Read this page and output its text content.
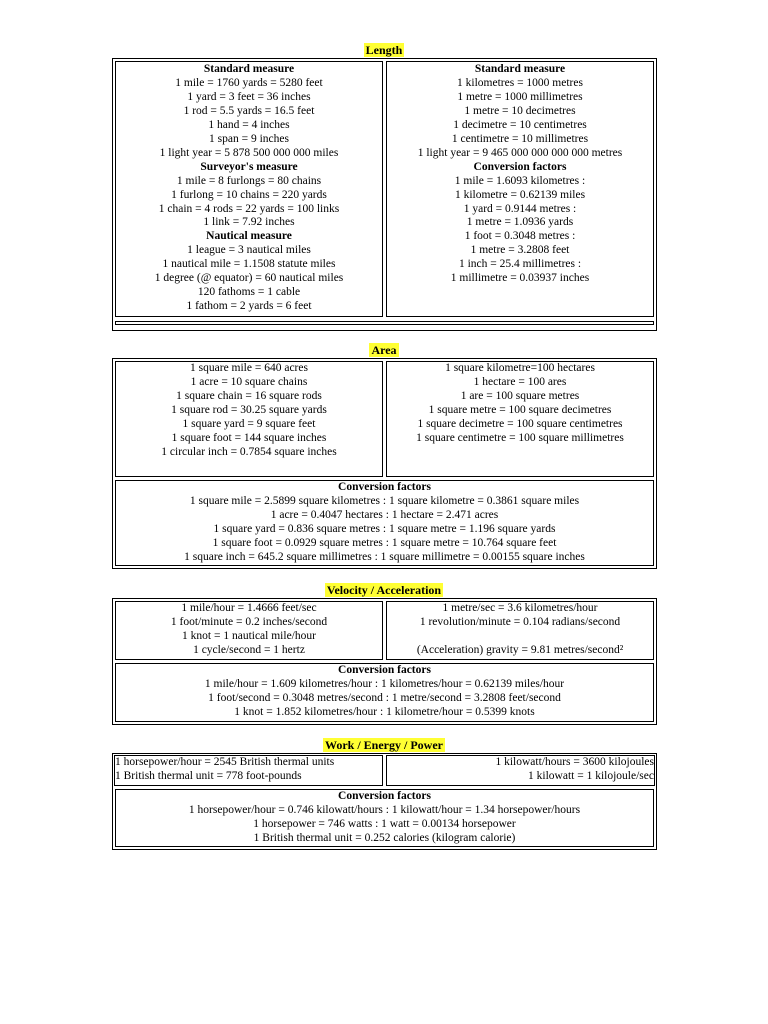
Length
Standard measure
1 mile = 1760 yards = 5280 feet
1 yard = 3 feet = 36 inches
1 rod = 5.5 yards = 16.5 feet
1 hand = 4 inches
1 span = 9 inches
1 light year = 5 878 500 000 000 miles
Surveyor's measure
1 mile = 8 furlongs = 80 chains
1 furlong = 10 chains = 220 yards
1 chain = 4 rods = 22 yards = 100 links
1 link = 7.92 inches
Nautical measure
1 league = 3 nautical miles
1 nautical mile = 1.1508 statute miles
1 degree (@ equator) = 60 nautical miles
120 fathoms = 1 cable
1 fathom = 2 yards = 6 feet
Standard measure
1 kilometres = 1000 metres
1 metre = 1000 millimetres
1 metre = 10 decimetres
1 decimetre = 10 centimetres
1 centimetre = 10 millimetres
1 light year = 9 465 000 000 000 000 metres
Conversion factors
1 mile = 1.6093 kilometres :
1 kilometre = 0.62139 miles
1 yard = 0.9144 metres :
1 metre = 1.0936 yards
1 foot = 0.3048 metres :
1 metre = 3.2808 feet
1 inch = 25.4 millimetres :
1 millimetre = 0.03937 inches
Area
1 square mile = 640 acres
1 acre = 10 square chains
1 square chain = 16 square rods
1 square rod = 30.25 square yards
1 square yard = 9 square feet
1 square foot = 144 square inches
1 circular inch = 0.7854 square inches
1 square kilometre=100 hectares
1 hectare = 100 ares
1 are = 100 square metres
1 square metre = 100 square decimetres
1 square decimetre = 100 square centimetres
1 square centimetre = 100 square millimetres
Conversion factors
1 square mile = 2.5899 square kilometres : 1 square kilometre = 0.3861 square miles
1 acre = 0.4047 hectares : 1 hectare = 2.471 acres
1 square yard = 0.836 square metres : 1 square metre = 1.196 square yards
1 square foot = 0.0929 square metres : 1 square metre = 10.764 square feet
1 square inch = 645.2 square millimetres : 1 square millimetre = 0.00155 square inches
Velocity / Acceleration
1 mile/hour = 1.4666 feet/sec
1 foot/minute = 0.2 inches/second
1 knot = 1 nautical mile/hour
1 cycle/second = 1 hertz
1 metre/sec = 3.6 kilometres/hour
1 revolution/minute = 0.104 radians/second

(Acceleration) gravity = 9.81 metres/second²
Conversion factors
1 mile/hour = 1.609 kilometres/hour : 1 kilometres/hour = 0.62139 miles/hour
1 foot/second = 0.3048 metres/second : 1 metre/second = 3.2808 feet/second
1 knot = 1.852 kilometres/hour : 1 kilometre/hour = 0.5399 knots
Work / Energy / Power
1 horsepower/hour = 2545 British thermal units
1 British thermal unit = 778 foot-pounds
1 kilowatt/hours = 3600 kilojoules
1 kilowatt = 1 kilojoule/sec
Conversion factors
1 horsepower/hour = 0.746 kilowatt/hours : 1 kilowatt/hour = 1.34 horsepower/hours
1 horsepower = 746 watts : 1 watt = 0.00134 horsepower
1 British thermal unit = 0.252 calories (kilogram calorie)
